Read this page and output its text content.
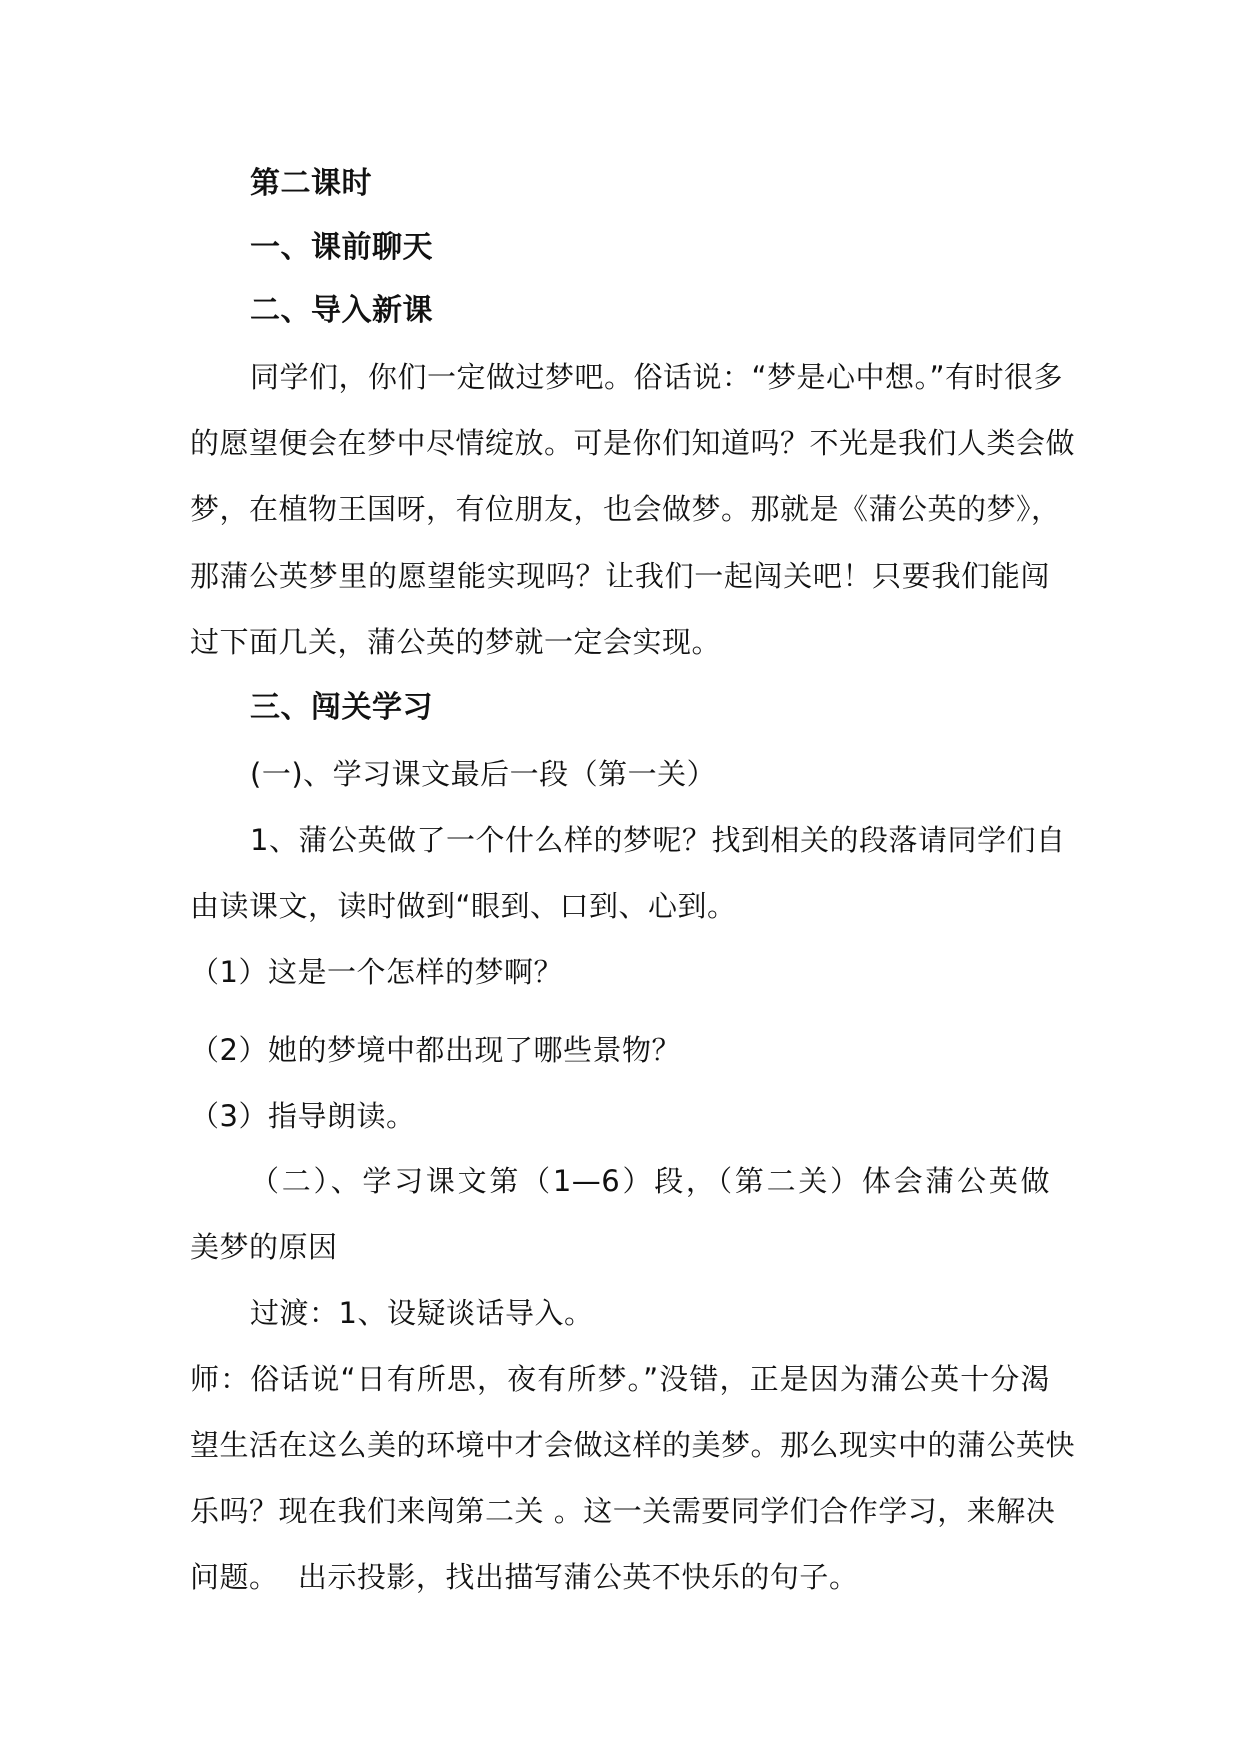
第二课时
一、课前聊天
二、导入新课
同学们，你们一定做过梦吧。俗话说：“梦是心中想。”有时很多
的愿望便会在梦中尽情绽放。可是你们知道吗？不光是我们人类会做
梦，在植物王国呀，有位朋友，也会做梦。那就是《蒲公英的梦》，
那蒲公英梦里的愿望能实现吗？让我们一起闯关吧！只要我们能闯
过下面几关，蒲公英的梦就一定会实现。
三、闯关学习
(一)、学习课文最后一段（第一关）
1、蒲公英做了一个什么样的梦呢？找到相关的段落请同学们自
由读课文，读时做到“眼到、口到、心到。
（1）这是一个怎样的梦啊？
（2）她的梦境中都出现了哪些景物？
（3）指导朗读。
（二）、学习课文第（1—6）段，（第二关）体会蒲公英做
美梦的原因
过渡：1、设疑谈话导入。
师：俗话说“日有所思，夜有所梦。”没错，正是因为蒲公英十分渴
望生活在这么美的环境中才会做这样的美梦。那么现实中的蒲公英快
乐吗？现在我们来闯第二关 。这一关需要同学们合作学习，来解决
问题。  出示投影，找出描写蒲公英不快乐的句子。
